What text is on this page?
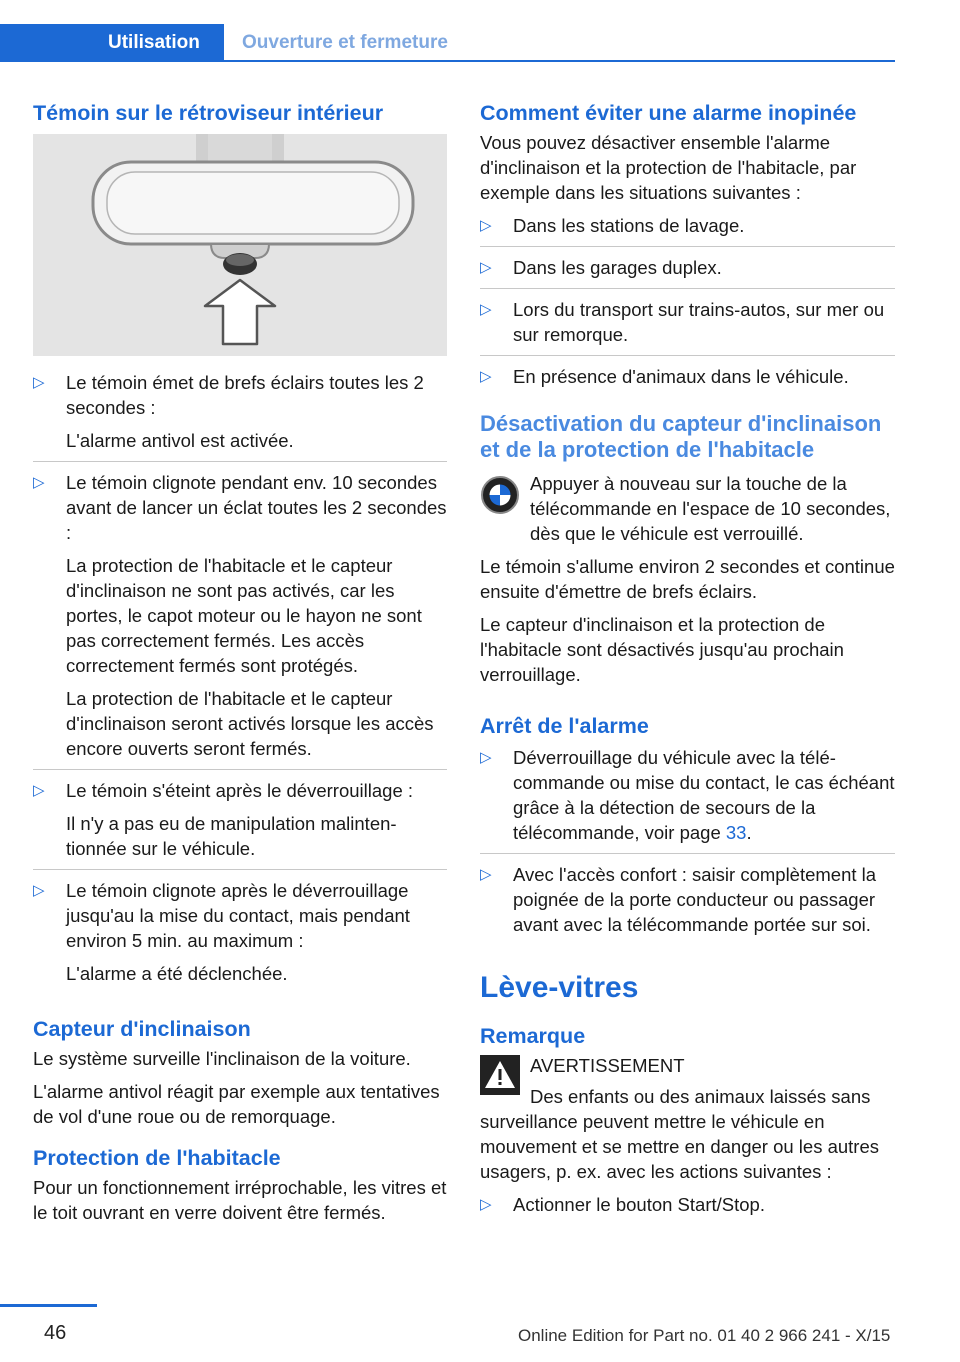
Utilisation	Ouverture et fermeture
Témoin sur le rétroviseur intérieur
▷ Le témoin émet de brefs éclairs toutes les 2 secondes :
L'alarme antivol est activée.
▷ Le témoin clignote pendant env. 10 secondes avant de lancer un éclat toutes les 2 secondes :
La protection de l'habitacle et le capteur d'inclinaison ne sont pas activés, car les portes, le capot moteur ou le hayon ne sont pas correctement fermés. Les accès correctement fermés sont protégés.
La protection de l'habitacle et le capteur d'inclinaison seront activés lorsque les accès encore ouverts seront fermés.
▷ Le témoin s'éteint après le déverrouillage :
Il n'y a pas eu de manipulation malintentionnée sur le véhicule.
▷ Le témoin clignote après le déverrouillage jusqu'au la mise du contact, mais pendant environ 5 min. au maximum :
L'alarme a été déclenchée.
Capteur d'inclinaison

Le système surveille l'inclinaison de la voiture.

L'alarme antivol réagit par exemple aux tentatives de vol d'une roue ou de remorquage.

Protection de l'habitacle

Pour un fonctionnement irréprochable, les vitres et le toit ouvrant en verre doivent être fermés.

Comment éviter une alarme inopinée

Vous pouvez désactiver ensemble l'alarme d'inclinaison et la protection de l'habitacle, par exemple dans les situations suivantes :

▷ Dans les stations de lavage.
▷ Dans les garages duplex.
▷ Lors du transport sur trains-autos, sur mer ou sur remorque.
▷ En présence d'animaux dans le véhicule.
Désactivation du capteur d'inclinaison et de la protection de l'habitacle

Appuyer à nouveau sur la touche de la télécommande en l'espace de 10 secondes, dès que le véhicule est verrouillé.

Le témoin s'allume environ 2 secondes et continue ensuite d'émettre de brefs éclairs.

Le capteur d'inclinaison et la protection de l'habitacle sont désactivés jusqu'au prochain verrouillage.

Arrêt de l'alarme
▷ Déverrouillage du véhicule avec la télécommande ou mise du contact, le cas échéant grâce à la détection de secours de la télécommande, voir page 33.
▷ Avec l'accès confort : saisir complètement la poignée de la porte conducteur ou passager avant avec la télécommande portée sur soi.
Lève-vitres
Remarque

AVERTISSEMENT

Des enfants ou des animaux laissés sans surveillance peuvent mettre le véhicule en mouvement et se mettre en danger ou les autres usagers, p. ex. avec les actions suivantes :

▷ Actionner le bouton Start/Stop.
46	Online Edition for Part no. 01 40 2 966 241 - X/15
